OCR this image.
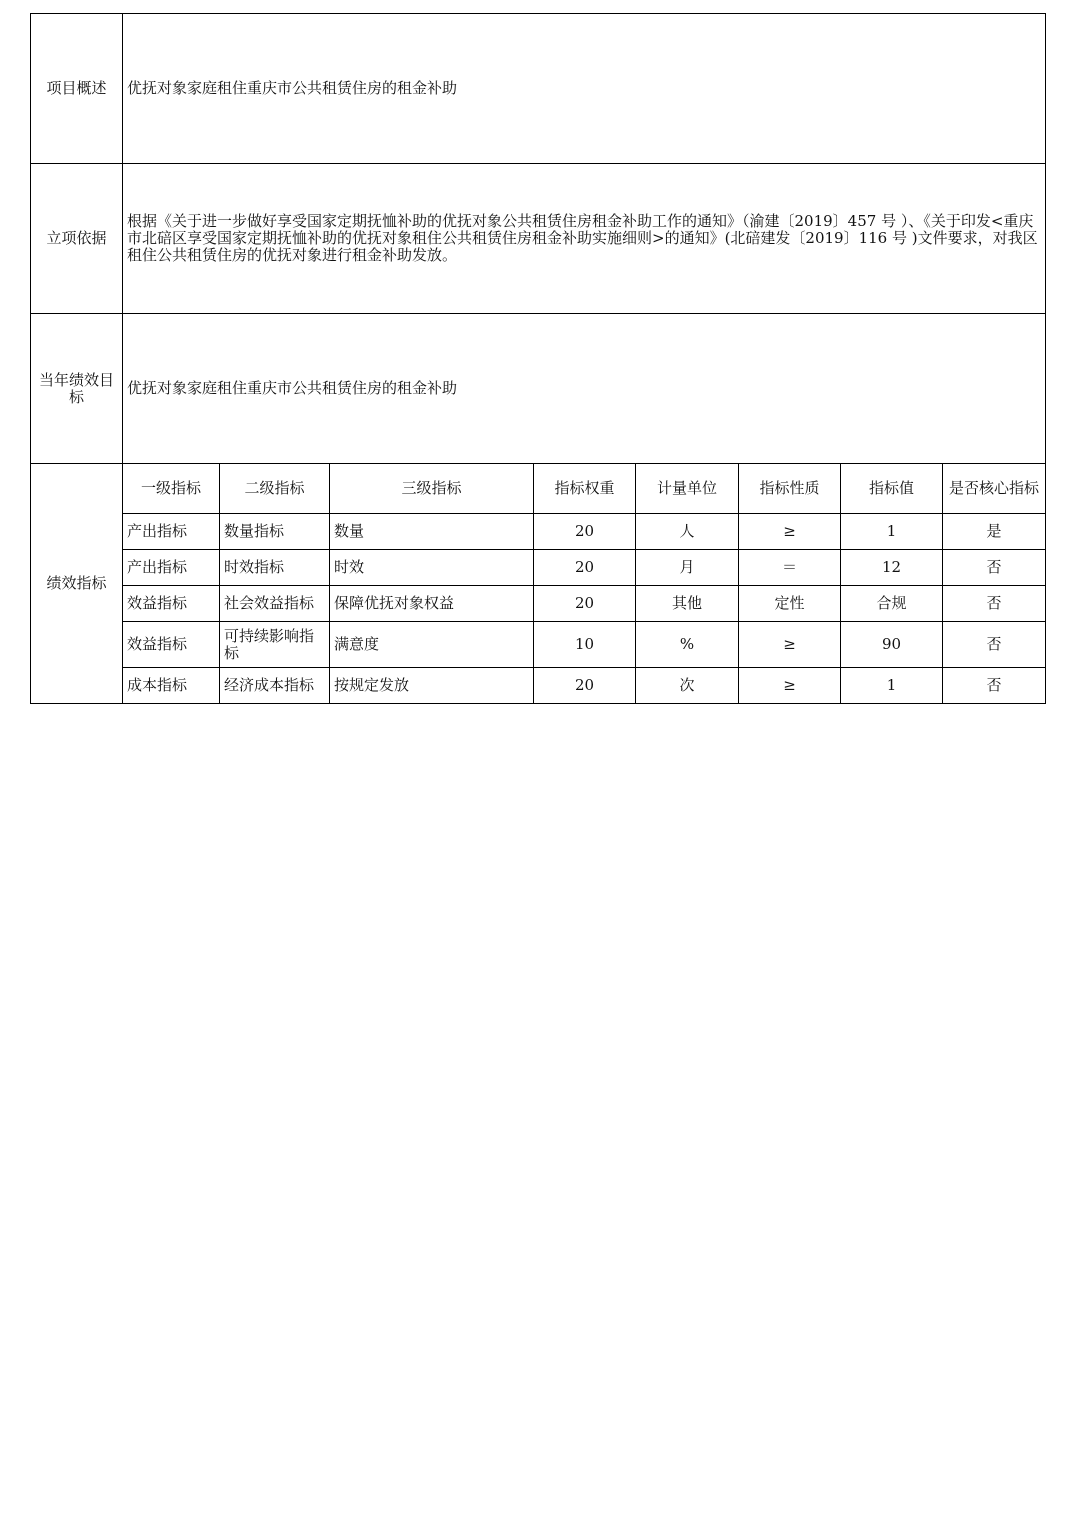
项目概述	优抚对象家庭租住重庆市公共租赁住房的租金补助							
立项依据	根据《关于进一步做好享受国家定期抚恤补助的优抚对象公共租赁住房租金补助工作的通知》（渝建〔2019〕457 号 ）、《关于印发<重庆市北碚区享受国家定期抚恤补助的优抚对象租住公共租赁住房租金补助实施细则>的通知》(北碚建发〔2019〕116 号 )文件要求，对我区租住公共租赁住房的优抚对象进行租金补助发放。							
当年绩效目标	优抚对象家庭租住重庆市公共租赁住房的租金补助							
绩效指标	一级指标	二级指标	三级指标	指标权重	计量单位	指标性质	指标值	是否核心指标
	产出指标	数量指标	数量	20	人	≥	1	是
	产出指标	时效指标	时效	20	月	＝	12	否
	效益指标	社会效益指标	保障优抚对象权益	20	其他	定性	合规	否
	效益指标	可持续影响指标	满意度	10	%	≥	90	否
	成本指标	经济成本指标	按规定发放	20	次	≥	1	否
